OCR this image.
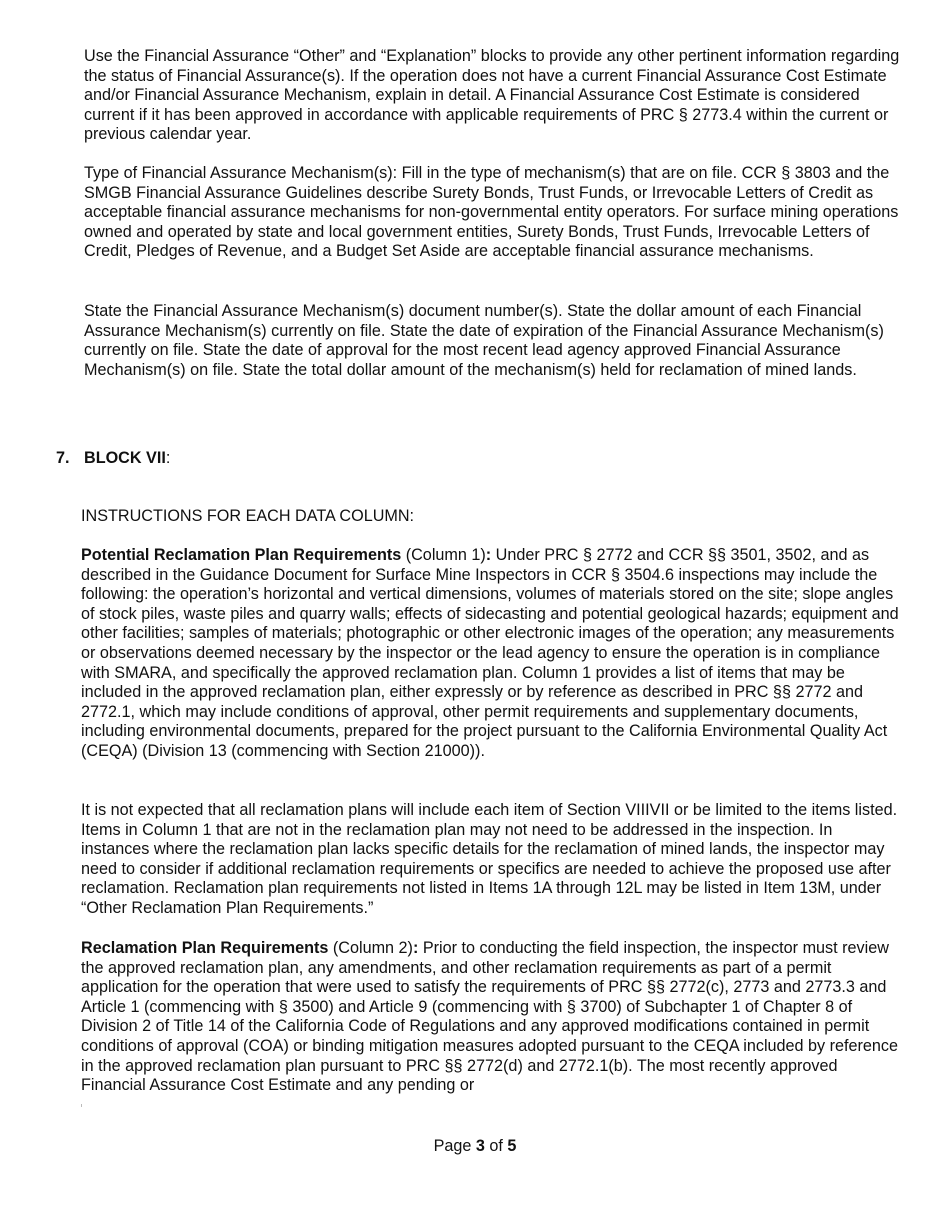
Use the Financial Assurance “Other” and “Explanation” blocks to provide any other pertinent information regarding the status of Financial Assurance(s). If the operation does not have a current Financial Assurance Cost Estimate and/or Financial Assurance Mechanism, explain in detail. A Financial Assurance Cost Estimate is considered current if it has been approved in accordance with applicable requirements of PRC § 2773.4 within the current or previous calendar year.

Type of Financial Assurance Mechanism(s): Fill in the type of mechanism(s) that are on file. CCR § 3803 and the SMGB Financial Assurance Guidelines describe Surety Bonds, Trust Funds, or Irrevocable Letters of Credit as acceptable financial assurance mechanisms for non-governmental entity operators. For surface mining operations owned and operated by state and local government entities, Surety Bonds, Trust Funds, Irrevocable Letters of Credit, Pledges of Revenue, and a Budget Set Aside are acceptable financial assurance mechanisms.

State the Financial Assurance Mechanism(s) document number(s). State the dollar amount of each Financial Assurance Mechanism(s) currently on file. State the date of expiration of the Financial Assurance Mechanism(s) currently on file. State the date of approval for the most recent lead agency approved Financial Assurance Mechanism(s) on file. State the total dollar amount of the mechanism(s) held for reclamation of mined lands.

7. BLOCK VII:

INSTRUCTIONS FOR EACH DATA COLUMN:

Potential Reclamation Plan Requirements (Column 1): Under PRC § 2772 and CCR §§ 3501, 3502, and as described in the Guidance Document for Surface Mine Inspectors in CCR § 3504.6 inspections may include the following: the operation’s horizontal and vertical dimensions, volumes of materials stored on the site; slope angles of stock piles, waste piles and quarry walls; effects of sidecasting and potential geological hazards; equipment and other facilities; samples of materials; photographic or other electronic images of the operation; any measurements or observations deemed necessary by the inspector or the lead agency to ensure the operation is in compliance with SMARA, and specifically the approved reclamation plan. Column 1 provides a list of items that may be included in the approved reclamation plan, either expressly or by reference as described in PRC §§ 2772 and 2772.1, which may include conditions of approval, other permit requirements and supplementary documents, including environmental documents, prepared for the project pursuant to the California Environmental Quality Act (CEQA) (Division 13 (commencing with Section 21000)).

It is not expected that all reclamation plans will include each item of Section VIIIVII or be limited to the items listed. Items in Column 1 that are not in the reclamation plan may not need to be addressed in the inspection. In instances where the reclamation plan lacks specific details for the reclamation of mined lands, the inspector may need to consider if additional reclamation requirements or specifics are needed to achieve the proposed use after reclamation. Reclamation plan requirements not listed in Items 1A through 12L may be listed in Item 13M, under “Other Reclamation Plan Requirements.”

Reclamation Plan Requirements (Column 2): Prior to conducting the field inspection, the inspector must review the approved reclamation plan, any amendments, and other reclamation requirements as part of a permit application for the operation that were used to satisfy the requirements of PRC §§ 2772(c), 2773 and 2773.3 and Article 1 (commencing with § 3500) and Article 9 (commencing with § 3700) of Subchapter 1 of Chapter 8 of Division 2 of Title 14 of the California Code of Regulations and any approved modifications contained in permit conditions of approval (COA) or binding mitigation measures adopted pursuant to the CEQA included by reference in the approved reclamation plan pursuant to PRC §§ 2772(d) and 2772.1(b). The most recently approved Financial Assurance Cost Estimate and any pending or

Page 3 of 5
